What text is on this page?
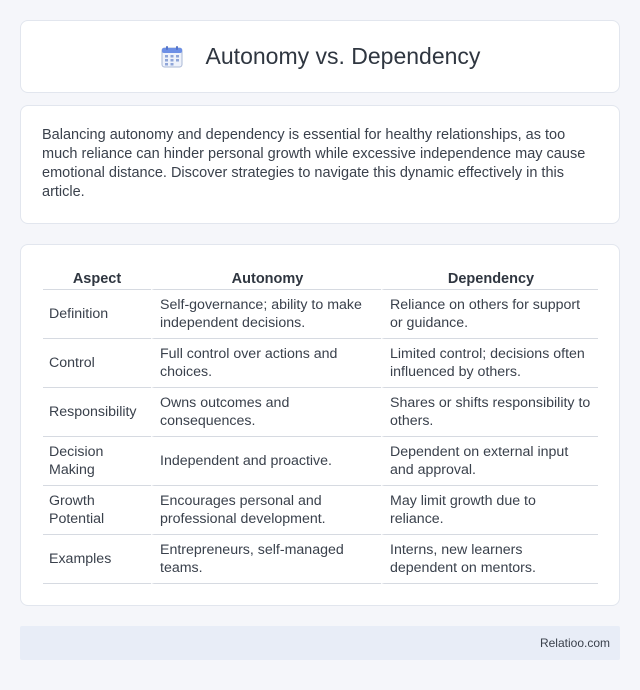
Autonomy vs. Dependency

Balancing autonomy and dependency is essential for healthy relationships, as too much reliance can hinder personal growth while excessive independence may cause emotional distance. Discover strategies to navigate this dynamic effectively in this article.

Aspect	Autonomy	Dependency
Definition	Self-governance; ability to make independent decisions.	Reliance on others for support or guidance.
Control	Full control over actions and choices.	Limited control; decisions often influenced by others.
Responsibility	Owns outcomes and consequences.	Shares or shifts responsibility to others.
Decision Making	Independent and proactive.	Dependent on external input and approval.
Growth Potential	Encourages personal and professional development.	May limit growth due to reliance.
Examples	Entrepreneurs, self-managed teams.	Interns, new learners dependent on mentors.
Relatioo.com
